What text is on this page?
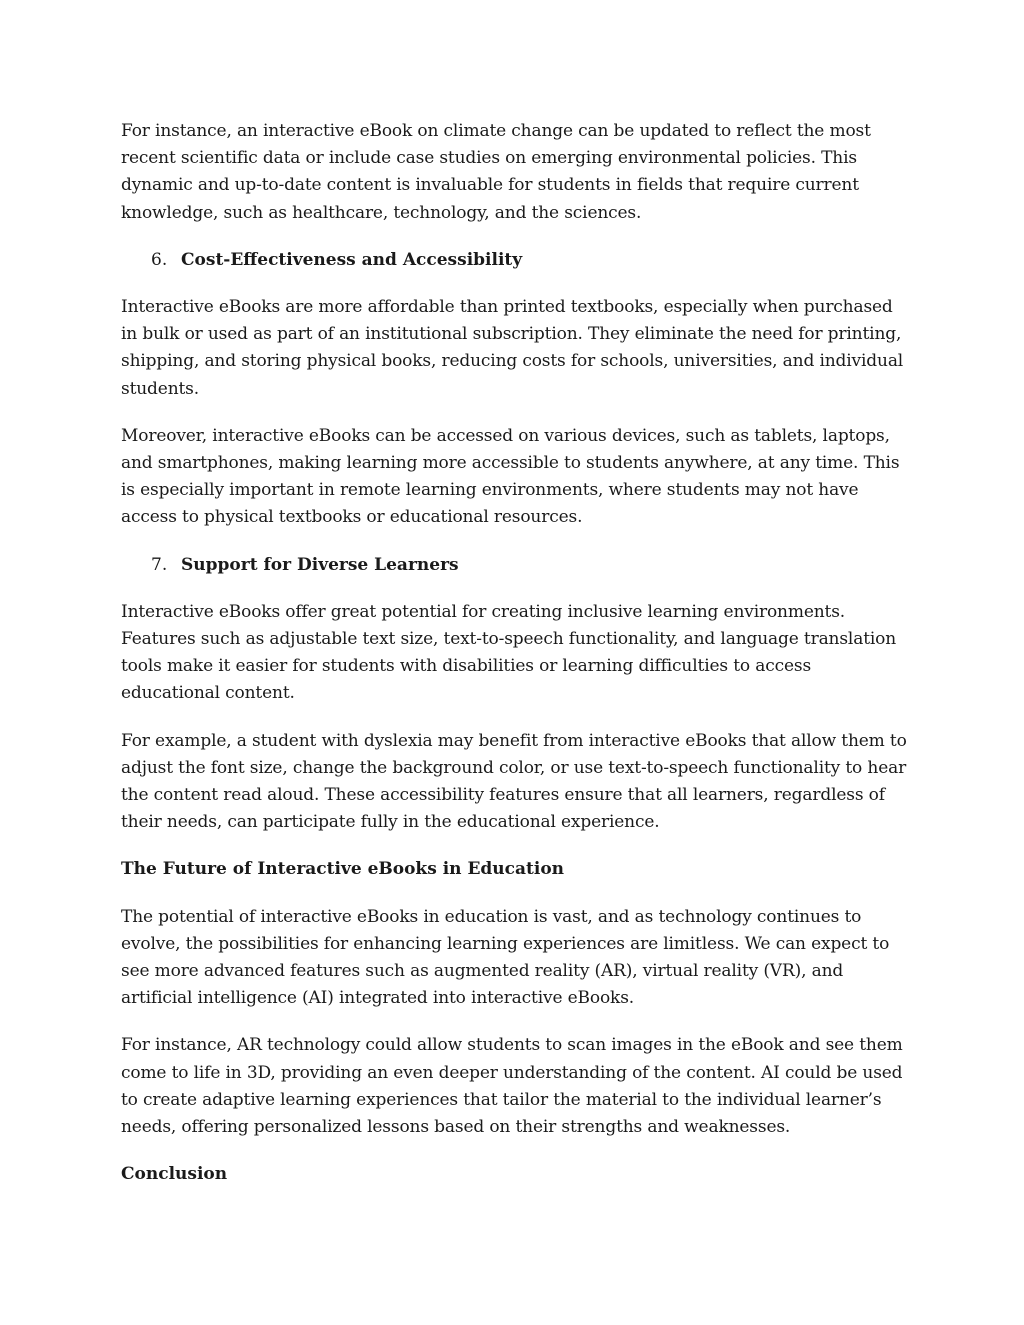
For instance, an interactive eBook on climate change can be updated to reflect the most recent scientific data or include case studies on emerging environmental policies. This dynamic and up-to-date content is invaluable for students in fields that require current knowledge, such as healthcare, technology, and the sciences.

6. Cost-Effectiveness and Accessibility

Interactive eBooks are more affordable than printed textbooks, especially when purchased in bulk or used as part of an institutional subscription. They eliminate the need for printing, shipping, and storing physical books, reducing costs for schools, universities, and individual students.

Moreover, interactive eBooks can be accessed on various devices, such as tablets, laptops, and smartphones, making learning more accessible to students anywhere, at any time. This is especially important in remote learning environments, where students may not have access to physical textbooks or educational resources.

7. Support for Diverse Learners

Interactive eBooks offer great potential for creating inclusive learning environments. Features such as adjustable text size, text-to-speech functionality, and language translation tools make it easier for students with disabilities or learning difficulties to access educational content.

For example, a student with dyslexia may benefit from interactive eBooks that allow them to adjust the font size, change the background color, or use text-to-speech functionality to hear the content read aloud. These accessibility features ensure that all learners, regardless of their needs, can participate fully in the educational experience.

The Future of Interactive eBooks in Education

The potential of interactive eBooks in education is vast, and as technology continues to evolve, the possibilities for enhancing learning experiences are limitless. We can expect to see more advanced features such as augmented reality (AR), virtual reality (VR), and artificial intelligence (AI) integrated into interactive eBooks.

For instance, AR technology could allow students to scan images in the eBook and see them come to life in 3D, providing an even deeper understanding of the content. AI could be used to create adaptive learning experiences that tailor the material to the individual learner’s needs, offering personalized lessons based on their strengths and weaknesses.

Conclusion
